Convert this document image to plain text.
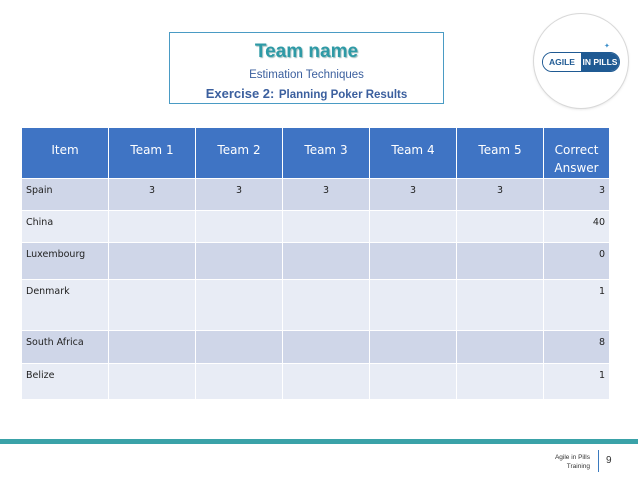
Team name
Estimation Techniques
Exercise 2: Planning Poker Results
✦
AGILE IN PILLS
Item	Team 1	Team 2	Team 3	Team 4	Team 5	Correct Answer
Spain	3	3	3	3	3	3
China						40
Luxembourg						0
Denmark						1
South Africa						8
Belize						1
Agile in Pills
Training
9
